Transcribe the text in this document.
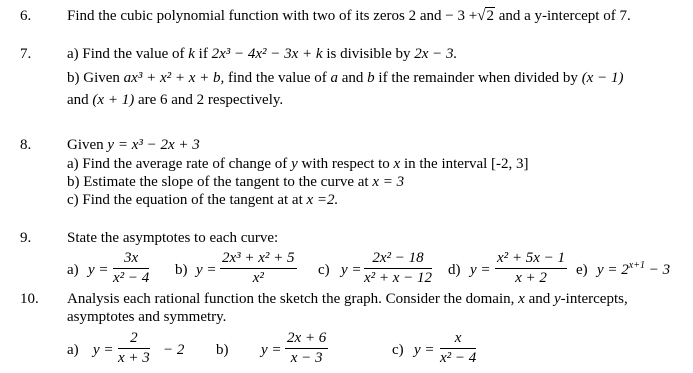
6. Find the cubic polynomial function with two of its zeros 2 and − 3 +√2 and a y-intercept of 7.
7. a) Find the value of k if 2x³ − 4x² − 3x + k is divisible by 2x − 3.
b) Given ax³ + x² + x + b, find the value of a and b if the remainder when divided by (x − 1)
and (x + 1) are 6 and 2 respectively.
8. Given y = x³ − 2x + 3
a) Find the average rate of change of y with respect to x in the interval [-2, 3]
b) Estimate the slope of the tangent to the curve at x = 3
c) Find the equation of the tangent at at x =2.
9. State the asymptotes to each curve:
a) $y = \frac{3x}{\text{x² − 4}} b$) $y = \frac{\text{2x³ + x² + 5}}{\text{x²}} c$) $y = \frac{\text{2x² − 18}}{\text{x² + x − 12}} d$) $y = \frac{\text{x² + 5x − 1}}{x + 2} e$) $y = 2^{x+1} - 3$
10. Analysis each rational function the sketch the graph. Consider the domain, x and y-intercepts,
asymptotes and symmetry.
a) $y = \frac{2}{x + 3} - 2$ b) $y = \frac{2x + 6}{x - 3}$	c) $y = \frac{x}{\text{x² − 4}}$
